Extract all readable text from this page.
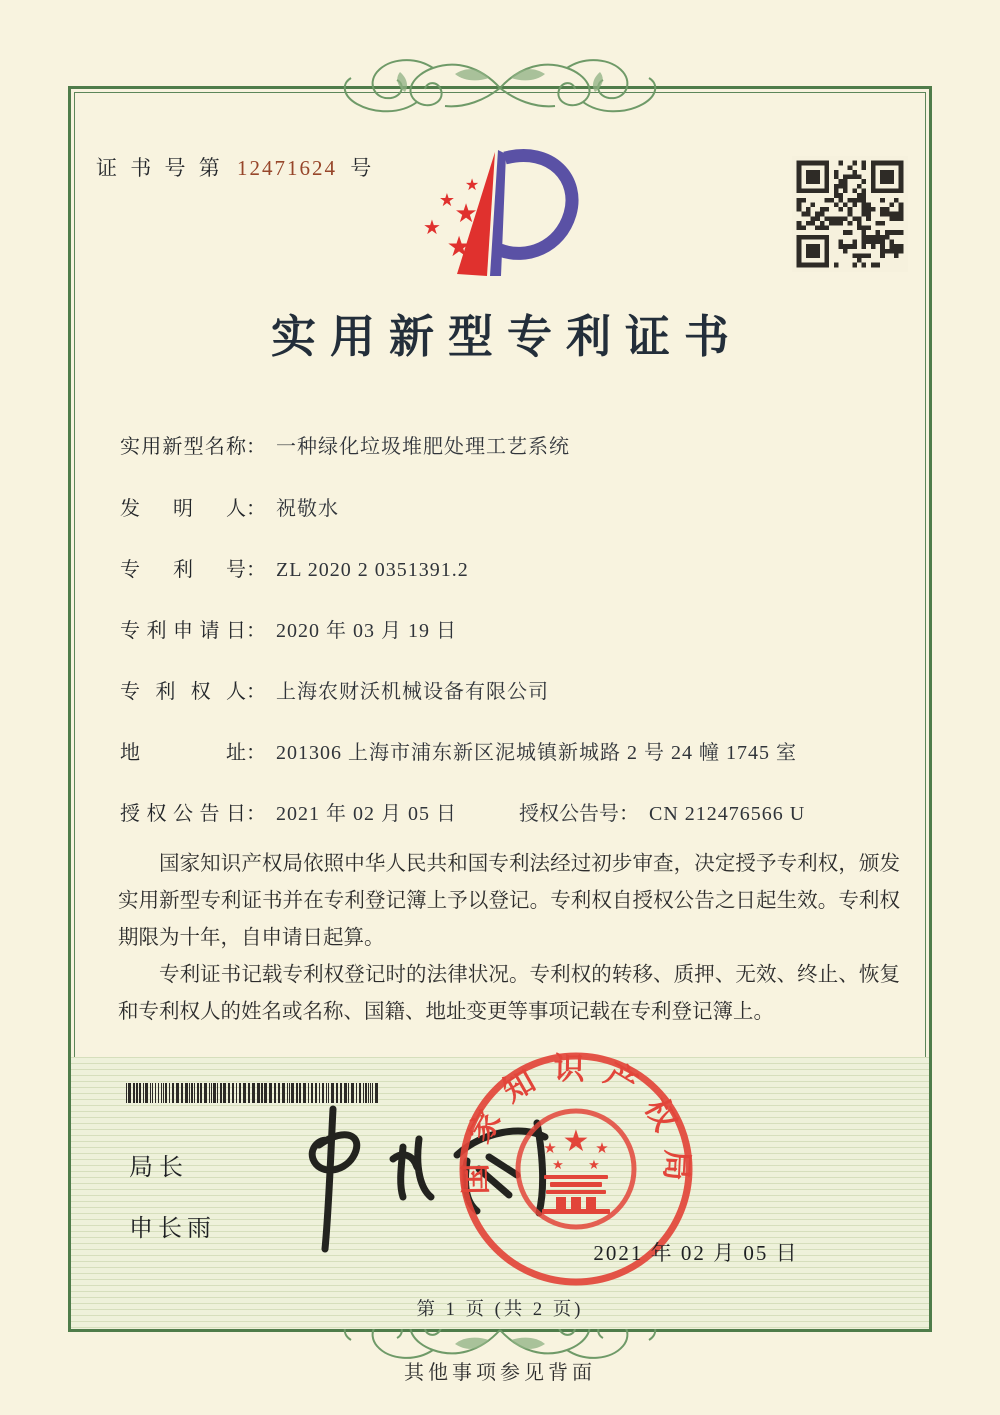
证 书 号 第 12471624 号
★
★ ★
★
★
实用新型专利证书
实用新型名称： 一种绿化垃圾堆肥处理工艺系统
发明人： 祝敬水
专利号： ZL 2020 2 0351391.2
专利申请日： 2020 年 03 月 19 日
专利权人： 上海农财沃机械设备有限公司
地址： 201306 上海市浦东新区泥城镇新城路 2 号 24 幢 1745 室
授权公告日： 2021 年 02 月 05 日	授权公告号： CN 212476566 U

国家知识产权局依照中华人民共和国专利法经过初步审查，决定授予专利权，颁发实用新型专利证书并在专利登记簿上予以登记。专利权自授权公告之日起生效。专利权期限为十年，自申请日起算。

专利证书记载专利权登记时的法律状况。专利权的转移、质押、无效、终止、恢复和专利权人的姓名或名称、国籍、地址变更等事项记载在专利登记簿上。

局长
申长雨
国家知识产权局
★
★	★
★ ★
2021 年 02 月 05 日
第 1 页 (共 2 页)
其他事项参见背面
